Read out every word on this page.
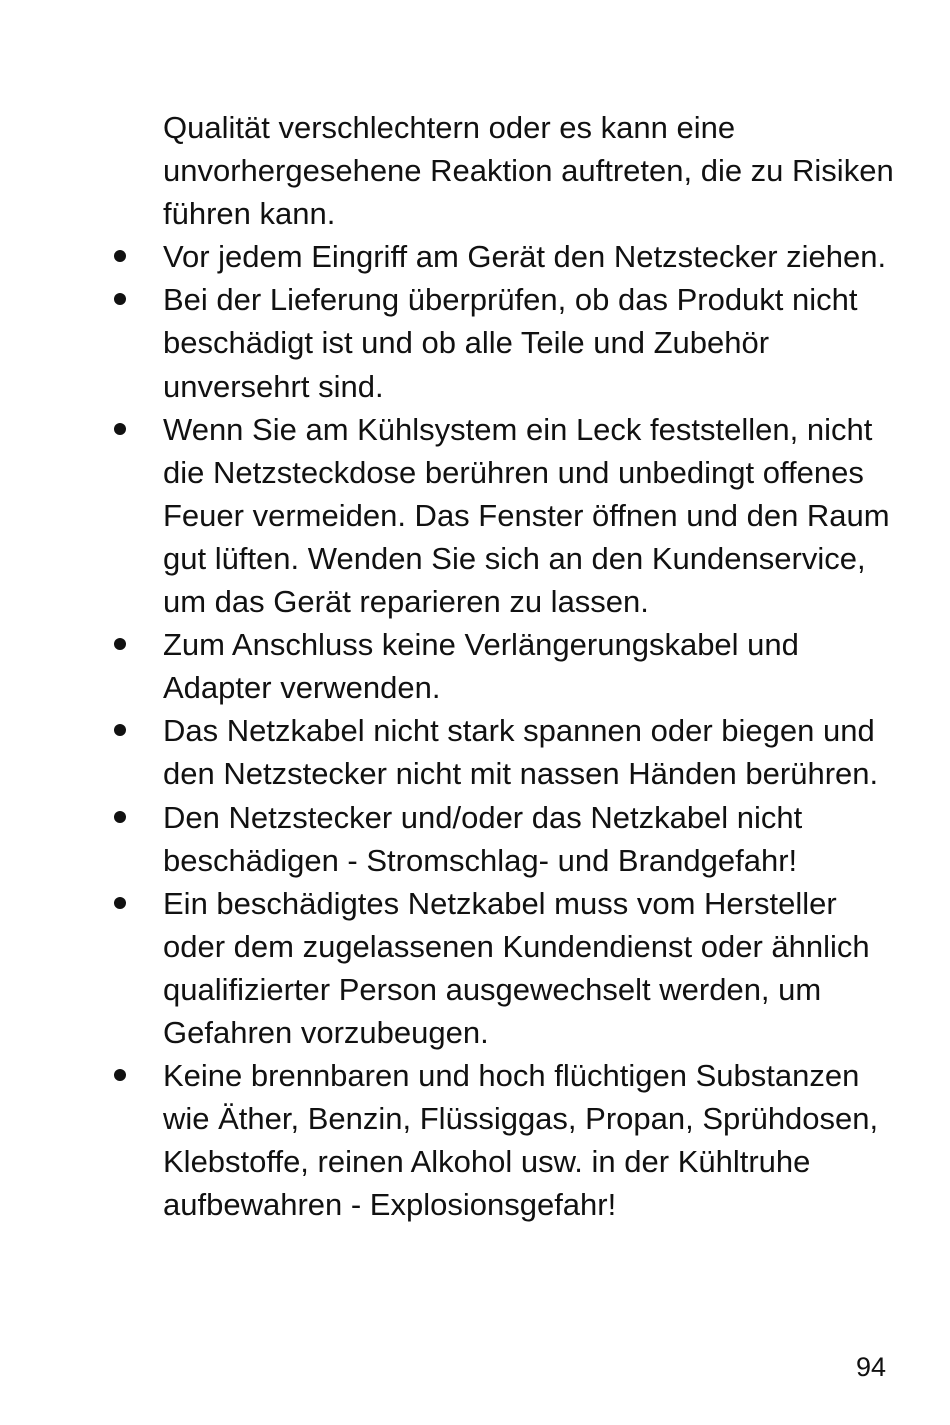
Qualität verschlechtern oder es kann eine unvorhergesehene Reaktion auftreten, die zu Risiken führen kann.

Vor jedem Eingriff am Gerät den Netzstecker ziehen.
Bei der Lieferung überprüfen, ob das Produkt nicht beschädigt ist und ob alle Teile und Zubehör unversehrt sind.
Wenn Sie am Kühlsystem ein Leck feststellen, nicht die Netzsteckdose berühren und unbedingt offenes Feuer vermeiden. Das Fenster öffnen und den Raum gut lüften. Wenden Sie sich an den Kundenservice, um das Gerät reparieren zu lassen.
Zum Anschluss keine Verlängerungskabel und Adapter verwenden.
Das Netzkabel nicht stark spannen oder biegen und den Netzstecker nicht mit nassen Händen berühren.
Den Netzstecker und/oder das Netzkabel nicht beschädigen - Stromschlag- und Brandgefahr!
Ein beschädigtes Netzkabel muss vom Hersteller oder dem zugelassenen Kundendienst oder ähnlich qualifizierter Person ausgewechselt werden, um Gefahren vorzubeugen.
Keine brennbaren und hoch flüchtigen Substanzen wie Äther, Benzin, Flüssiggas, Propan, Sprühdosen, Klebstoffe, reinen Alkohol usw. in der Kühltruhe aufbewahren - Explosionsgefahr!
94
